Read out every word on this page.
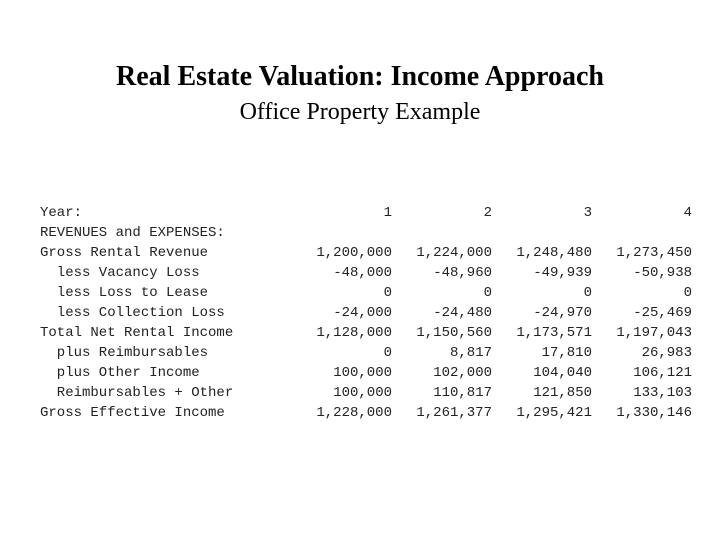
Real Estate Valuation: Income Approach
Office Property Example
Year:	1	2	3	4
REVENUES and EXPENSES:				
Gross Rental Revenue	1,200,000	1,224,000	1,248,480	1,273,450
less Vacancy Loss	-48,000	-48,960	-49,939	-50,938
less Loss to Lease	0	0	0	0
less Collection Loss	-24,000	-24,480	-24,970	-25,469
Total Net Rental Income	1,128,000	1,150,560	1,173,571	1,197,043
plus Reimbursables	0	8,817	17,810	26,983
plus Other Income	100,000	102,000	104,040	106,121
Reimbursables + Other	100,000	110,817	121,850	133,103
Gross Effective Income	1,228,000	1,261,377	1,295,421	1,330,146
